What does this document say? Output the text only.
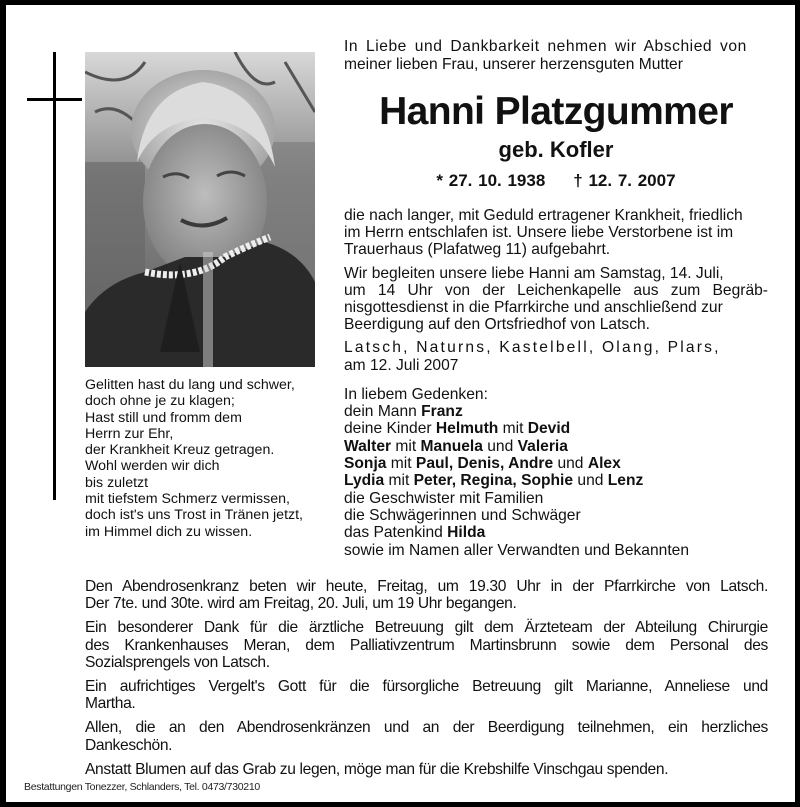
Gelitten hast du lang und schwer,
doch ohne je zu klagen;
Hast still und fromm dem
Herrn zur Ehr,
der Krankheit Kreuz getragen.
Wohl werden wir dich
bis zuletzt
mit tiefstem Schmerz vermissen,
doch ist's uns Trost in Tränen jetzt,
im Himmel dich zu wissen.
In Liebe und Dankbarkeit nehmen wir Abschied von
meiner lieben Frau, unserer herzensguten Mutter
Hanni Platzgummer
geb. Kofler
* 27. 10. 1938 † 12. 7. 2007
die nach langer, mit Geduld ertragener Krankheit, friedlich
im Herrn entschlafen ist. Unsere liebe Verstorbene ist im
Trauerhaus (Plafatweg 11) aufgebahrt.
Wir begleiten unsere liebe Hanni am Samstag, 14. Juli,
um 14 Uhr von der Leichenkapelle aus zum Begräb-
nisgottesdienst in die Pfarrkirche und anschließend zur
Beerdigung auf den Ortsfriedhof von Latsch.
Latsch, Naturns, Kastelbell, Olang, Plars,
am 12. Juli 2007
In liebem Gedenken:
dein Mann Franz
deine Kinder Helmuth mit Devid
Walter mit Manuela und Valeria
Sonja mit Paul, Denis, Andre und Alex
Lydia mit Peter, Regina, Sophie und Lenz
die Geschwister mit Familien
die Schwägerinnen und Schwäger
das Patenkind Hilda
sowie im Namen aller Verwandten und Bekannten
Den Abendrosenkranz beten wir heute, Freitag, um 19.30 Uhr in der Pfarrkirche von Latsch.
Der 7te. und 30te. wird am Freitag, 20. Juli, um 19 Uhr begangen.
Ein besonderer Dank für die ärztliche Betreuung gilt dem Ärzteteam der Abteilung Chirurgie
des Krankenhauses Meran, dem Palliativzentrum Martinsbrunn sowie dem Personal des
Sozialsprengels von Latsch.
Ein aufrichtiges Vergelt's Gott für die fürsorgliche Betreuung gilt Marianne, Anneliese und
Martha.
Allen, die an den Abendrosenkränzen und an der Beerdigung teilnehmen, ein herzliches
Dankeschön.
Anstatt Blumen auf das Grab zu legen, möge man für die Krebshilfe Vinschgau spenden.
Bestattungen Tonezzer, Schlanders, Tel. 0473/730210
